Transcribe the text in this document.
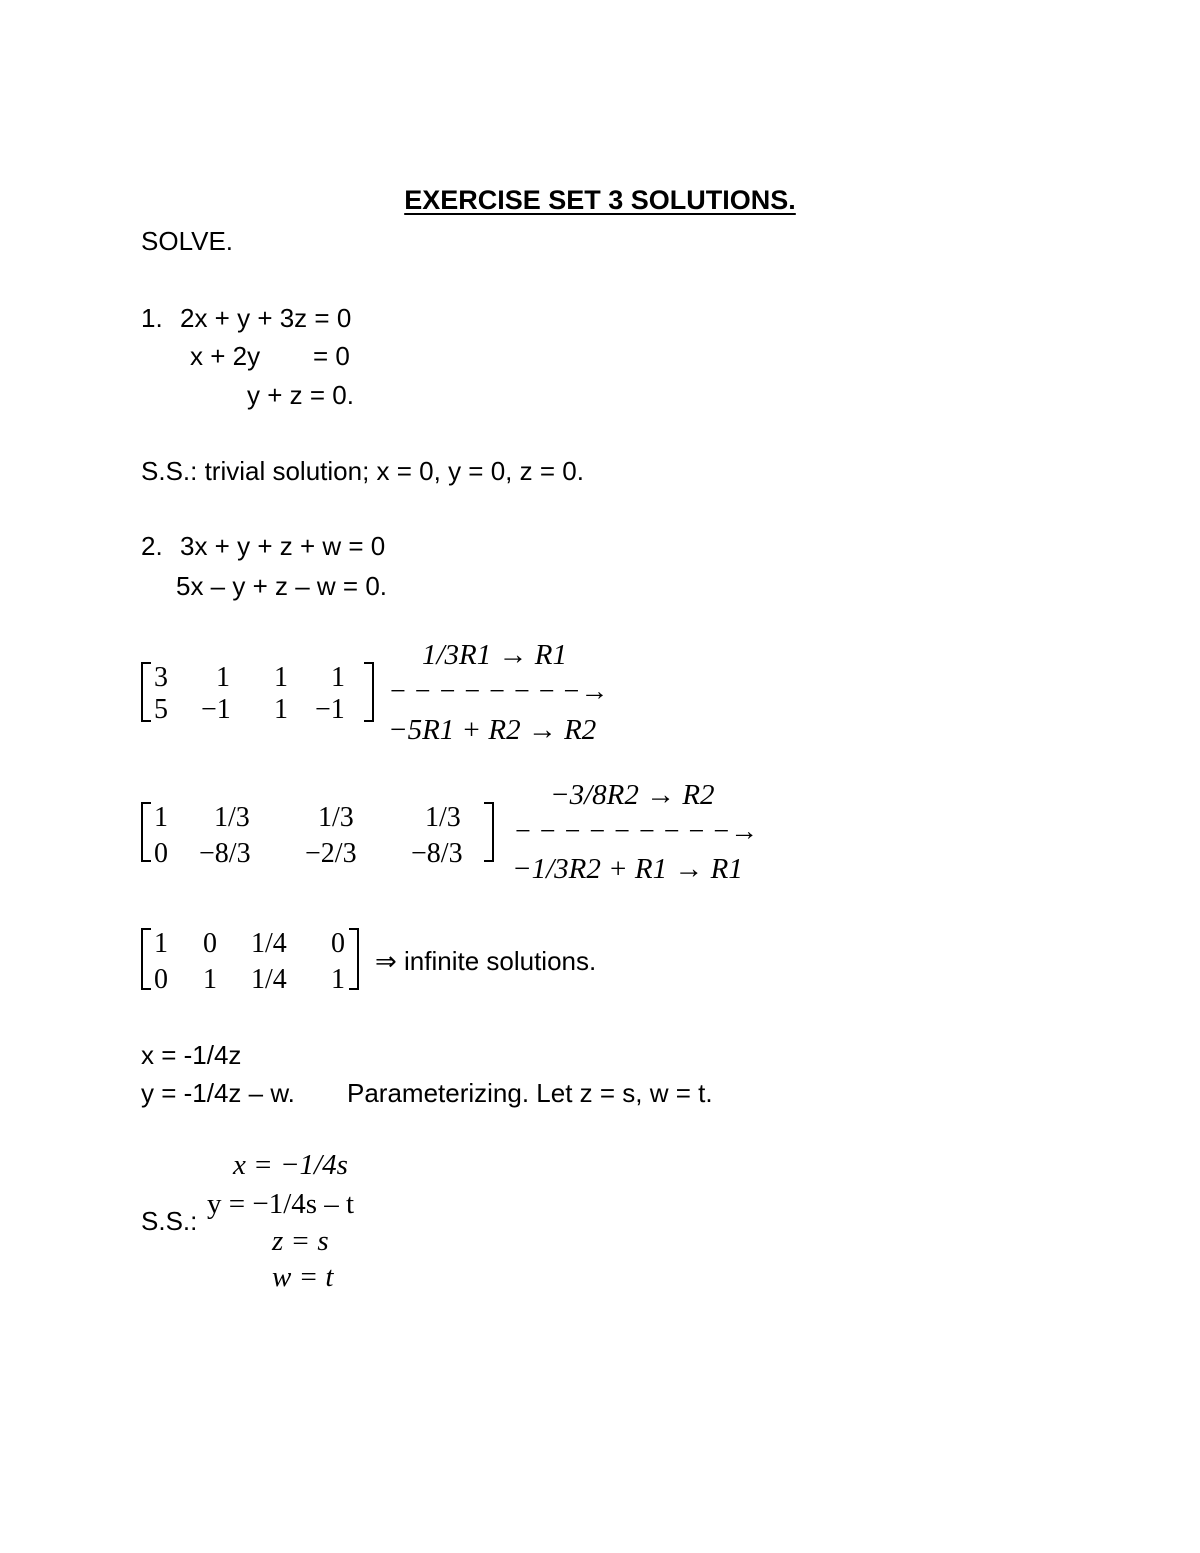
EXERCISE SET 3 SOLUTIONS.
SOLVE.
1. 2x + y + 3z = 0
x + 2y = 0
y + z = 0.
S.S.: trivial solution; x = 0, y = 0, z = 0.
2. 3x + y + z + w = 0
5x – y + z – w = 0.
3 1 1 1
5 −1 1 −1
1/3R1 → R1
− − − − − − − −→
−5R1 + R2 → R2
1 1/3 1/3	1/3
0 −8/3 −2/3 −8/3
−3/8R2 → R2
− − − − − − − − −→
−1/3R2 + R1 → R1
1 0 1/4 0
0 1 1/4 1
⇒ infinite solutions.
x = -1/4z
y = -1/4z – w. Parameterizing. Let z = s, w = t.
S.S.:
x = −1/4s
y = −1/4s – t
z = s
w = t
